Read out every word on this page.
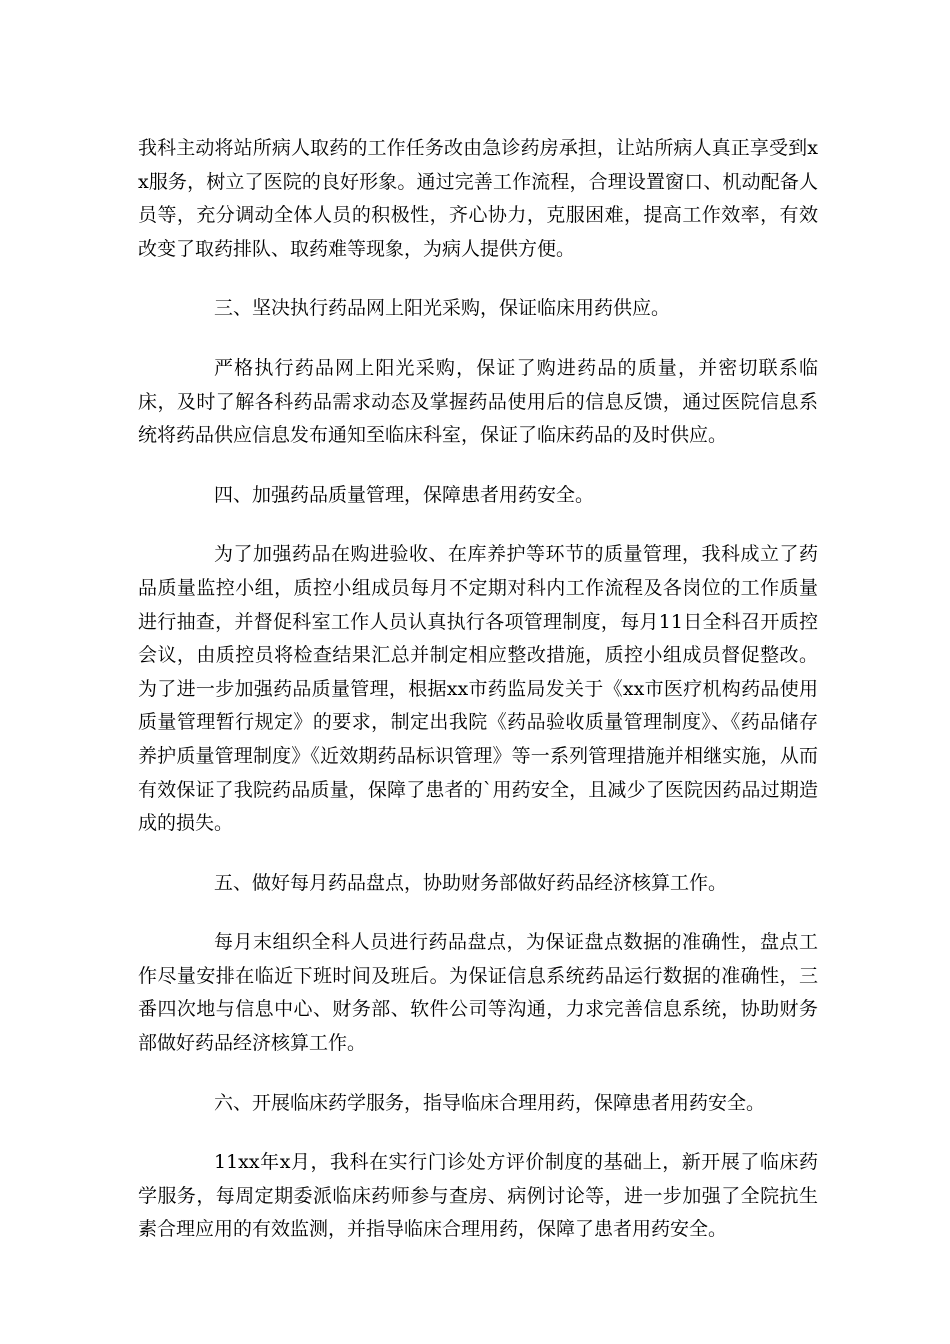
我科主动将站所病人取药的工作任务改由急诊药房承担，让站所病人真正享受到xx服务，树立了医院的良好形象。通过完善工作流程，合理设置窗口、机动配备人员等，充分调动全体人员的积极性，齐心协力，克服困难，提高工作效率，有效改变了取药排队、取药难等现象，为病人提供方便。

三、坚决执行药品网上阳光采购，保证临床用药供应。

严格执行药品网上阳光采购，保证了购进药品的质量，并密切联系临床，及时了解各科药品需求动态及掌握药品使用后的信息反馈，通过医院信息系统将药品供应信息发布通知至临床科室，保证了临床药品的及时供应。

四、加强药品质量管理，保障患者用药安全。

为了加强药品在购进验收、在库养护等环节的质量管理，我科成立了药品质量监控小组，质控小组成员每月不定期对科内工作流程及各岗位的工作质量进行抽查，并督促科室工作人员认真执行各项管理制度，每月11日全科召开质控会议，由质控员将检查结果汇总并制定相应整改措施，质控小组成员督促整改。为了进一步加强药品质量管理，根据xx市药监局发关于《xx市医疗机构药品使用质量管理暂行规定》的要求，制定出我院《药品验收质量管理制度》、《药品储存养护质量管理制度》《近效期药品标识管理》等一系列管理措施并相继实施，从而有效保证了我院药品质量，保障了患者的`用药安全，且减少了医院因药品过期造成的损失。

五、做好每月药品盘点，协助财务部做好药品经济核算工作。

每月末组织全科人员进行药品盘点，为保证盘点数据的准确性，盘点工作尽量安排在临近下班时间及班后。为保证信息系统药品运行数据的准确性，三番四次地与信息中心、财务部、软件公司等沟通，力求完善信息系统，协助财务部做好药品经济核算工作。

六、开展临床药学服务，指导临床合理用药，保障患者用药安全。

11xx年x月，我科在实行门诊处方评价制度的基础上，新开展了临床药学服务，每周定期委派临床药师参与查房、病例讨论等，进一步加强了全院抗生素合理应用的有效监测，并指导临床合理用药，保障了患者用药安全。
